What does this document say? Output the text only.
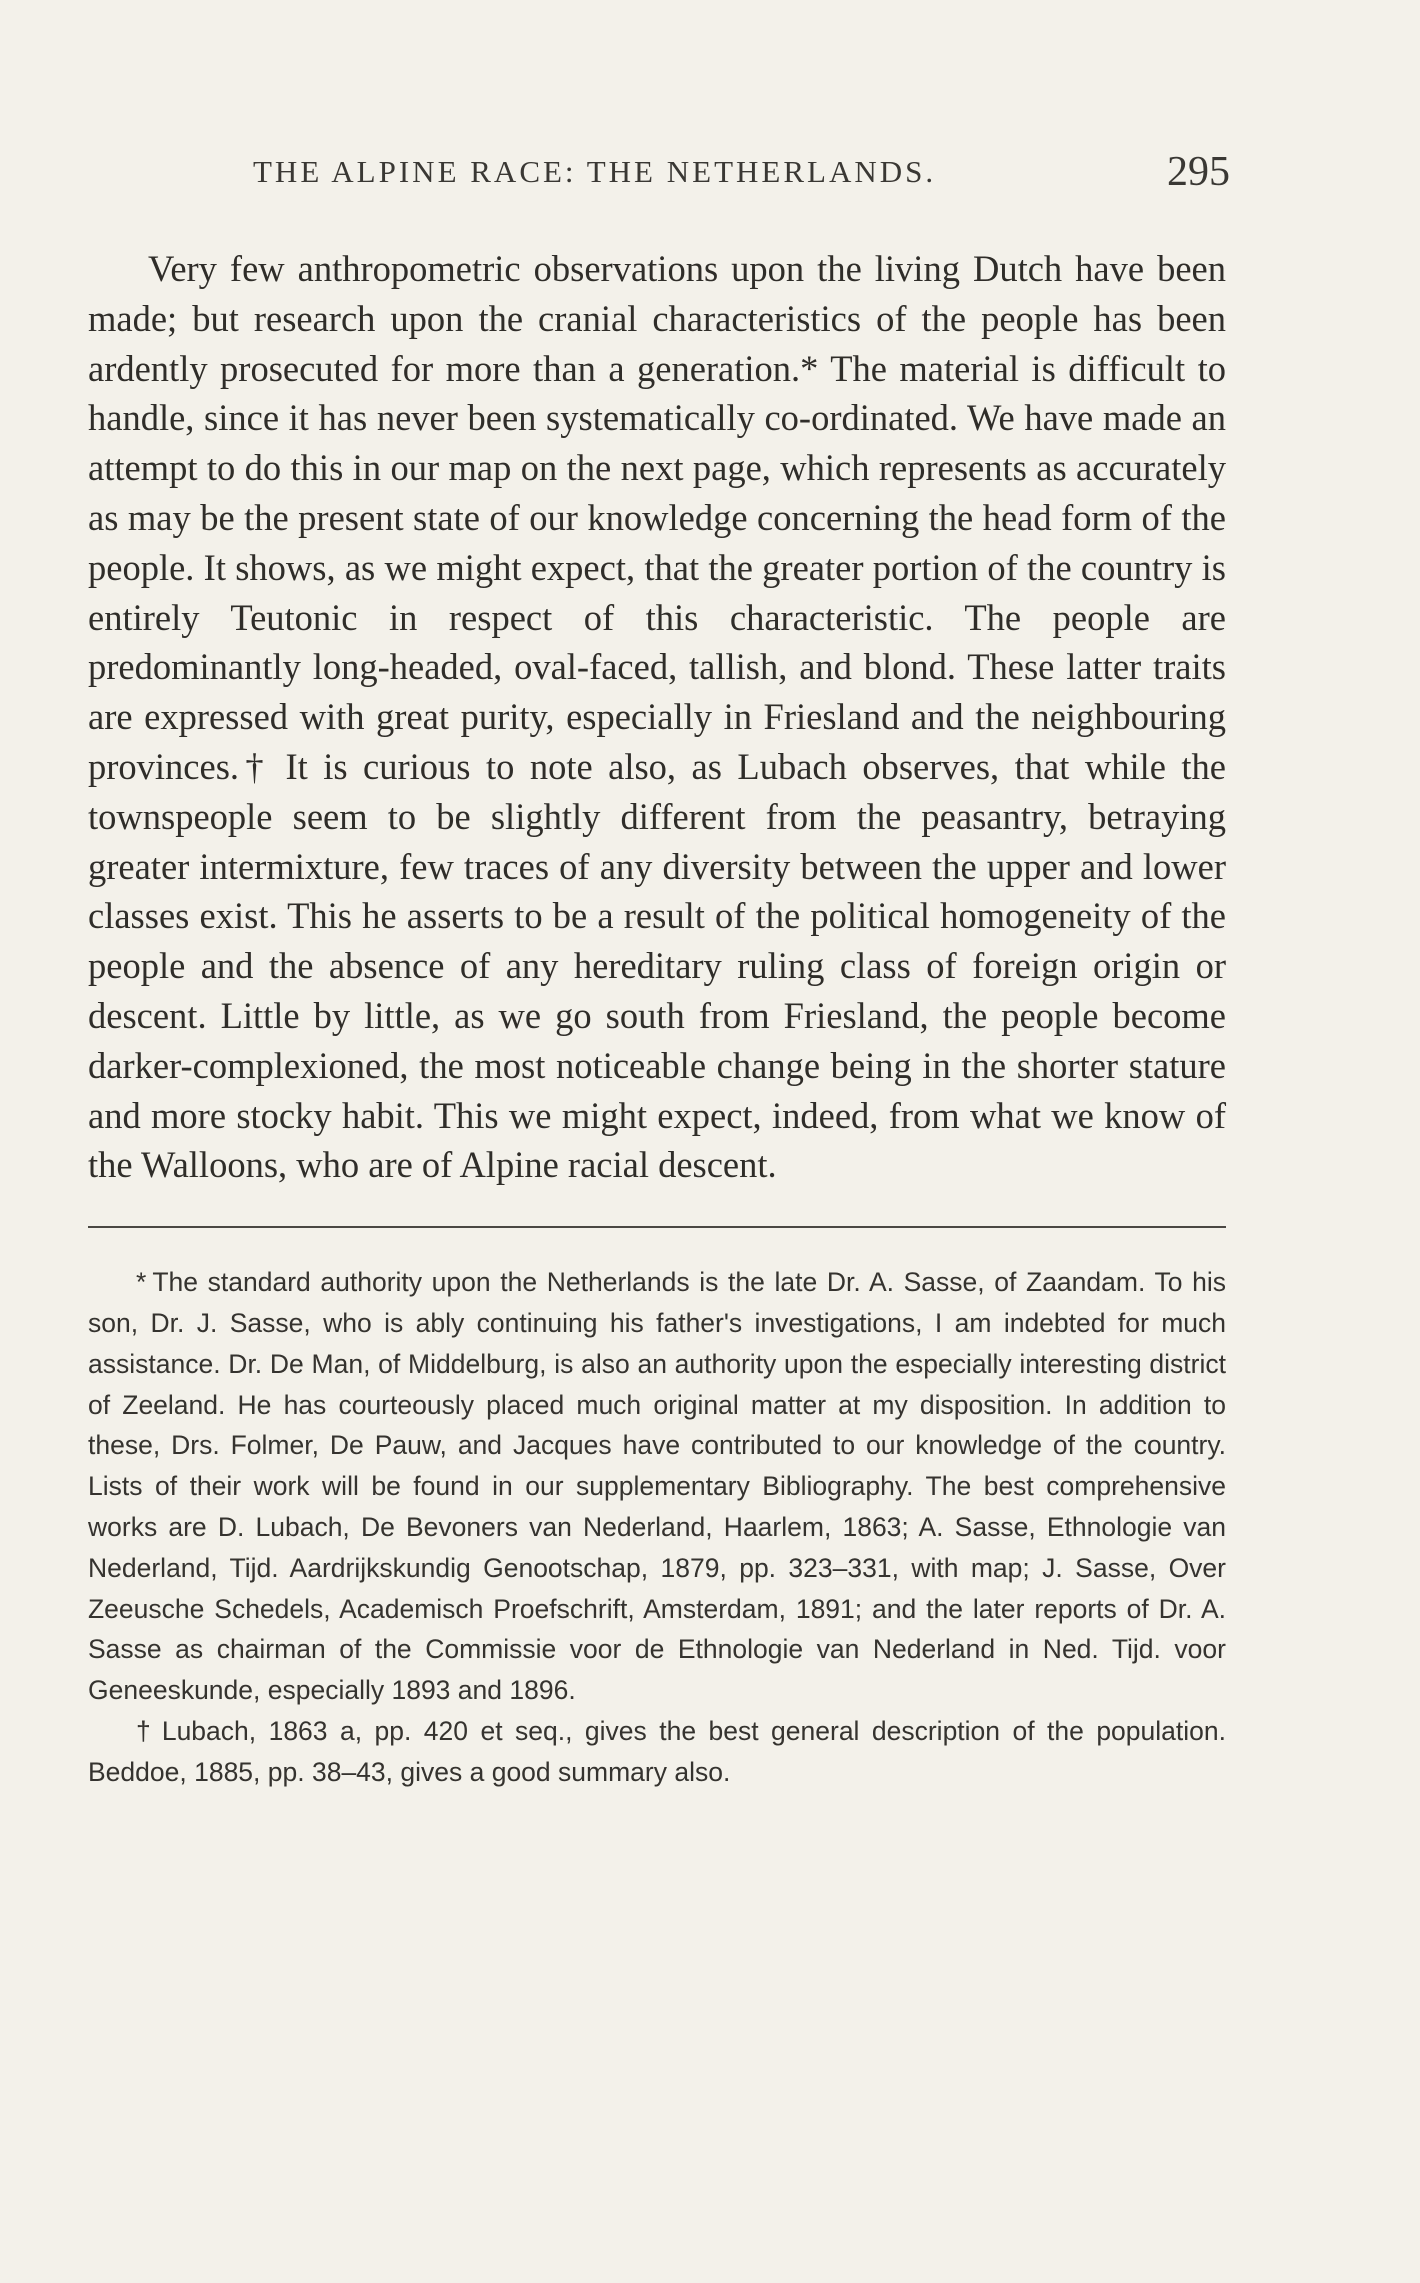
THE ALPINE RACE: THE NETHERLANDS.	295

Very few anthropometric observations upon the living Dutch have been made; but research upon the cranial characteristics of the people has been ardently prosecuted for more than a generation.* The material is difficult to handle, since it has never been systematically co-ordinated. We have made an attempt to do this in our map on the next page, which represents as accurately as may be the present state of our knowledge concerning the head form of the people. It shows, as we might expect, that the greater portion of the country is entirely Teutonic in respect of this characteristic. The people are predominantly long-headed, oval-faced, tallish, and blond. These latter traits are expressed with great purity, especially in Friesland and the neighbouring provinces.† It is curious to note also, as Lubach observes, that while the townspeople seem to be slightly different from the peasantry, betraying greater intermixture, few traces of any diversity between the upper and lower classes exist. This he asserts to be a result of the political homogeneity of the people and the absence of any hereditary ruling class of foreign origin or descent. Little by little, as we go south from Friesland, the people become darker-complexioned, the most noticeable change being in the shorter stature and more stocky habit. This we might expect, indeed, from what we know of the Walloons, who are of Alpine racial descent.

* The standard authority upon the Netherlands is the late Dr. A. Sasse, of Zaandam. To his son, Dr. J. Sasse, who is ably continuing his father's investigations, I am indebted for much assistance. Dr. De Man, of Middelburg, is also an authority upon the especially interesting district of Zeeland. He has courteously placed much original matter at my disposition. In addition to these, Drs. Folmer, De Pauw, and Jacques have contributed to our knowledge of the country. Lists of their work will be found in our supplementary Bibliography. The best comprehensive works are D. Lubach, De Bevoners van Nederland, Haarlem, 1863; A. Sasse, Ethnologie van Nederland, Tijd. Aardrijkskundig Genootschap, 1879, pp. 323–331, with map; J. Sasse, Over Zeeusche Schedels, Academisch Proefschrift, Amsterdam, 1891; and the later reports of Dr. A. Sasse as chairman of the Commissie voor de Ethnologie van Nederland in Ned. Tijd. voor Geneeskunde, especially 1893 and 1896.

† Lubach, 1863 a, pp. 420 et seq., gives the best general description of the population. Beddoe, 1885, pp. 38–43, gives a good summary also.
